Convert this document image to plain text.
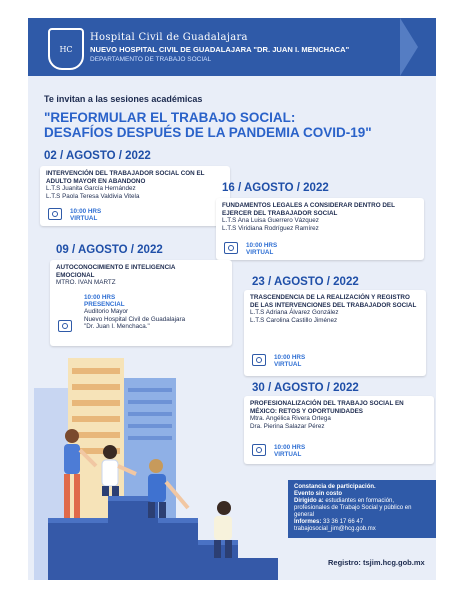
HC
Hospital Civil de Guadalajara
NUEVO HOSPITAL CIVIL DE GUADALAJARA "DR. JUAN I. MENCHACA"
DEPARTAMENTO DE TRABAJO SOCIAL
Te invitan a las sesiones académicas
"REFORMULAR EL TRABAJO SOCIAL:
DESAFÍOS DESPUÉS DE LA PANDEMIA COVID-19"
02 / AGOSTO / 2022
INTERVENCIÓN DEL TRABAJADOR SOCIAL CON EL ADULTO MAYOR EN ABANDONO
L.T.S Juanita García Hernández
L.T.S Paola Teresa Valdivia Vitela
10:00 HRS
VIRTUAL
16 / AGOSTO / 2022
FUNDAMENTOS LEGALES A CONSIDERAR DENTRO DEL EJERCER DEL TRABAJADOR SOCIAL
L.T.S Ana Luisa Guerrero Vázquez
L.T.S Viridiana Rodríguez Ramírez
10:00 HRS
VIRTUAL
09 / AGOSTO / 2022
AUTOCONOCIMIENTO E INTELIGENCIA EMOCIONAL
MTRO. IVAN MARTZ
10:00 HRS
PRESENCIAL
Auditorio Mayor
Nuevo Hospital Civil de Guadalajara
"Dr. Juan I. Menchaca."
23 / AGOSTO / 2022
TRASCENDENCIA DE LA REALIZACIÓN Y REGISTRO DE LAS INTERVENCIONES DEL TRABAJADOR SOCIAL
L.T.S Adriana Álvarez González
L.T.S Carolina Castillo Jiménez
10:00 HRS
VIRTUAL
30 / AGOSTO / 2022
PROFESIONALIZACIÓN DEL TRABAJO SOCIAL EN MÉXICO: RETOS Y OPORTUNIDADES
Mtra. Angélica Rivera Ortega
Dra. Pierina Salazar Pérez
10:00 HRS
VIRTUAL
Constancia de participación.
Evento sin costo
Dirigido a: estudiantes en formación, profesionales de Trabajo Social y público en general
Informes: 33 36 17 66 47
trabajosocial_jim@hcg.gob.mx
Registro: tsjim.hcg.gob.mx
